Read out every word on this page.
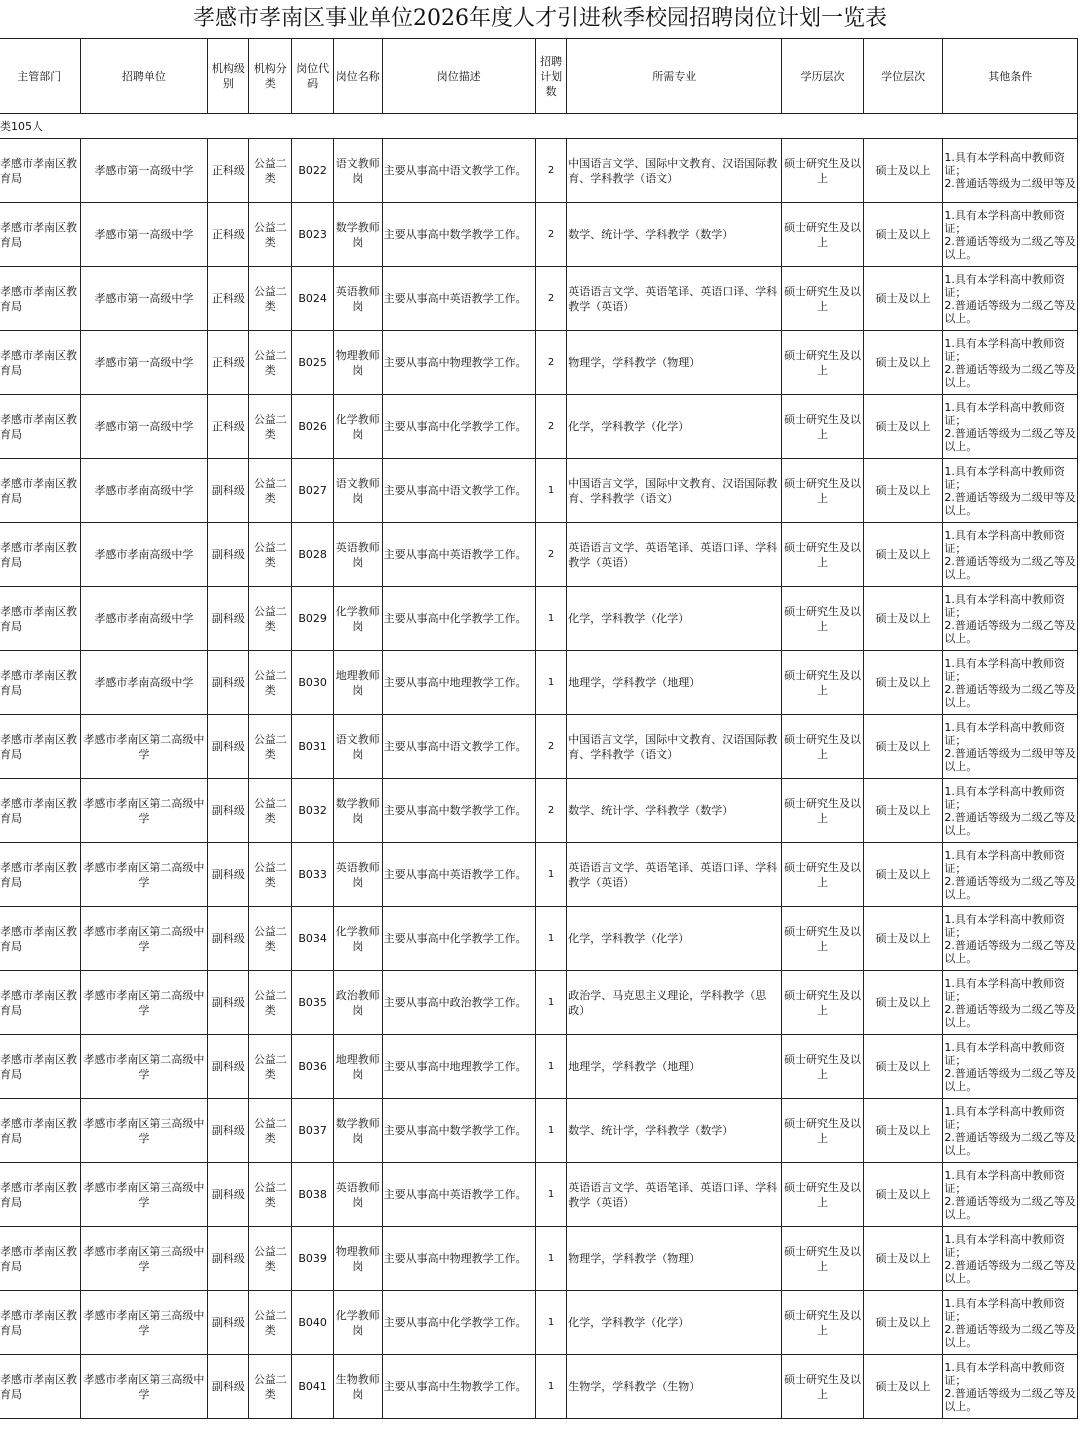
孝感市孝南区事业单位2026年度人才引进秋季校园招聘岗位计划一览表
主管部门	招聘单位	机构级别	机构分类	岗位代码	岗位名称	岗位描述	招聘计划数	所需专业	学历层次	学位层次	其他条件
类105人											
孝感市孝南区教育局	孝感市第一高级中学	正科级	公益二类	B022	语文教师岗	主要从事高中语文教学工作。	2	中国语言文学、国际中文教育、汉语国际教育、学科教学（语文）	硕士研究生及以上	硕士及以上	1.具有本学科高中教师资
证；
2.普通话等级为二级甲等及
孝感市孝南区教育局	孝感市第一高级中学	正科级	公益二类	B023	数学教师岗	主要从事高中数学教学工作。	2	数学、统计学、学科教学（数学）	硕士研究生及以上	硕士及以上	1.具有本学科高中教师资
证；
2.普通话等级为二级乙等及
以上。
孝感市孝南区教育局	孝感市第一高级中学	正科级	公益二类	B024	英语教师岗	主要从事高中英语教学工作。	2	英语语言文学、英语笔译、英语口译、学科教学（英语）	硕士研究生及以上	硕士及以上	1.具有本学科高中教师资
证；
2.普通话等级为二级乙等及
以上。
孝感市孝南区教育局	孝感市第一高级中学	正科级	公益二类	B025	物理教师岗	主要从事高中物理教学工作。	2	物理学，学科教学（物理）	硕士研究生及以上	硕士及以上	1.具有本学科高中教师资
证；
2.普通话等级为二级乙等及
以上。
孝感市孝南区教育局	孝感市第一高级中学	正科级	公益二类	B026	化学教师岗	主要从事高中化学教学工作。	2	化学，学科教学（化学）	硕士研究生及以上	硕士及以上	1.具有本学科高中教师资
证；
2.普通话等级为二级乙等及
以上。
孝感市孝南区教育局	孝感市孝南高级中学	副科级	公益二类	B027	语文教师岗	主要从事高中语文教学工作。	1	中国语言文学，国际中文教育、汉语国际教育、学科教学（语文）	硕士研究生及以上	硕士及以上	1.具有本学科高中教师资
证；
2.普通话等级为二级甲等及
以上。
孝感市孝南区教育局	孝感市孝南高级中学	副科级	公益二类	B028	英语教师岗	主要从事高中英语教学工作。	2	英语语言文学、英语笔译、英语口译、学科教学（英语）	硕士研究生及以上	硕士及以上	1.具有本学科高中教师资
证；
2.普通话等级为二级乙等及
以上。
孝感市孝南区教育局	孝感市孝南高级中学	副科级	公益二类	B029	化学教师岗	主要从事高中化学教学工作。	1	化学，学科教学（化学）	硕士研究生及以上	硕士及以上	1.具有本学科高中教师资
证；
2.普通话等级为二级乙等及
以上。
孝感市孝南区教育局	孝感市孝南高级中学	副科级	公益二类	B030	地理教师岗	主要从事高中地理教学工作。	1	地理学，学科教学（地理）	硕士研究生及以上	硕士及以上	1.具有本学科高中教师资
证；
2.普通话等级为二级乙等及
以上。
孝感市孝南区教育局	孝感市孝南区第二高级中学	副科级	公益二类	B031	语文教师岗	主要从事高中语文教学工作。	2	中国语言文学，国际中文教育、汉语国际教育、学科教学（语文）	硕士研究生及以上	硕士及以上	1.具有本学科高中教师资
证；
2.普通话等级为二级甲等及
以上。
孝感市孝南区教育局	孝感市孝南区第二高级中学	副科级	公益二类	B032	数学教师岗	主要从事高中数学教学工作。	2	数学、统计学、学科教学（数学）	硕士研究生及以上	硕士及以上	1.具有本学科高中教师资
证；
2.普通话等级为二级乙等及
以上。
孝感市孝南区教育局	孝感市孝南区第二高级中学	副科级	公益二类	B033	英语教师岗	主要从事高中英语教学工作。	1	英语语言文学、英语笔译、英语口译、学科教学（英语）	硕士研究生及以上	硕士及以上	1.具有本学科高中教师资
证；
2.普通话等级为二级乙等及
以上。
孝感市孝南区教育局	孝感市孝南区第二高级中学	副科级	公益二类	B034	化学教师岗	主要从事高中化学教学工作。	1	化学，学科教学（化学）	硕士研究生及以上	硕士及以上	1.具有本学科高中教师资
证；
2.普通话等级为二级乙等及
以上。
孝感市孝南区教育局	孝感市孝南区第二高级中学	副科级	公益二类	B035	政治教师岗	主要从事高中政治教学工作。	1	政治学、马克思主义理论，学科教学（思政）	硕士研究生及以上	硕士及以上	1.具有本学科高中教师资
证；
2.普通话等级为二级乙等及
以上。
孝感市孝南区教育局	孝感市孝南区第二高级中学	副科级	公益二类	B036	地理教师岗	主要从事高中地理教学工作。	1	地理学，学科教学（地理）	硕士研究生及以上	硕士及以上	1.具有本学科高中教师资
证；
2.普通话等级为二级乙等及
以上。
孝感市孝南区教育局	孝感市孝南区第三高级中学	副科级	公益二类	B037	数学教师岗	主要从事高中数学教学工作。	1	数学、统计学，学科教学（数学）	硕士研究生及以上	硕士及以上	1.具有本学科高中教师资
证；
2.普通话等级为二级乙等及
以上。
孝感市孝南区教育局	孝感市孝南区第三高级中学	副科级	公益二类	B038	英语教师岗	主要从事高中英语教学工作。	1	英语语言文学、英语笔译、英语口译、学科教学（英语）	硕士研究生及以上	硕士及以上	1.具有本学科高中教师资
证；
2.普通话等级为二级乙等及
以上。
孝感市孝南区教育局	孝感市孝南区第三高级中学	副科级	公益二类	B039	物理教师岗	主要从事高中物理教学工作。	1	物理学，学科教学（物理）	硕士研究生及以上	硕士及以上	1.具有本学科高中教师资
证；
2.普通话等级为二级乙等及
以上。
孝感市孝南区教育局	孝感市孝南区第三高级中学	副科级	公益二类	B040	化学教师岗	主要从事高中化学教学工作。	1	化学，学科教学（化学）	硕士研究生及以上	硕士及以上	1.具有本学科高中教师资
证；
2.普通话等级为二级乙等及
以上。
孝感市孝南区教育局	孝感市孝南区第三高级中学	副科级	公益二类	B041	生物教师岗	主要从事高中生物教学工作。	1	生物学，学科教学（生物）	硕士研究生及以上	硕士及以上	1.具有本学科高中教师资
证；
2.普通话等级为二级乙等及
以上。
